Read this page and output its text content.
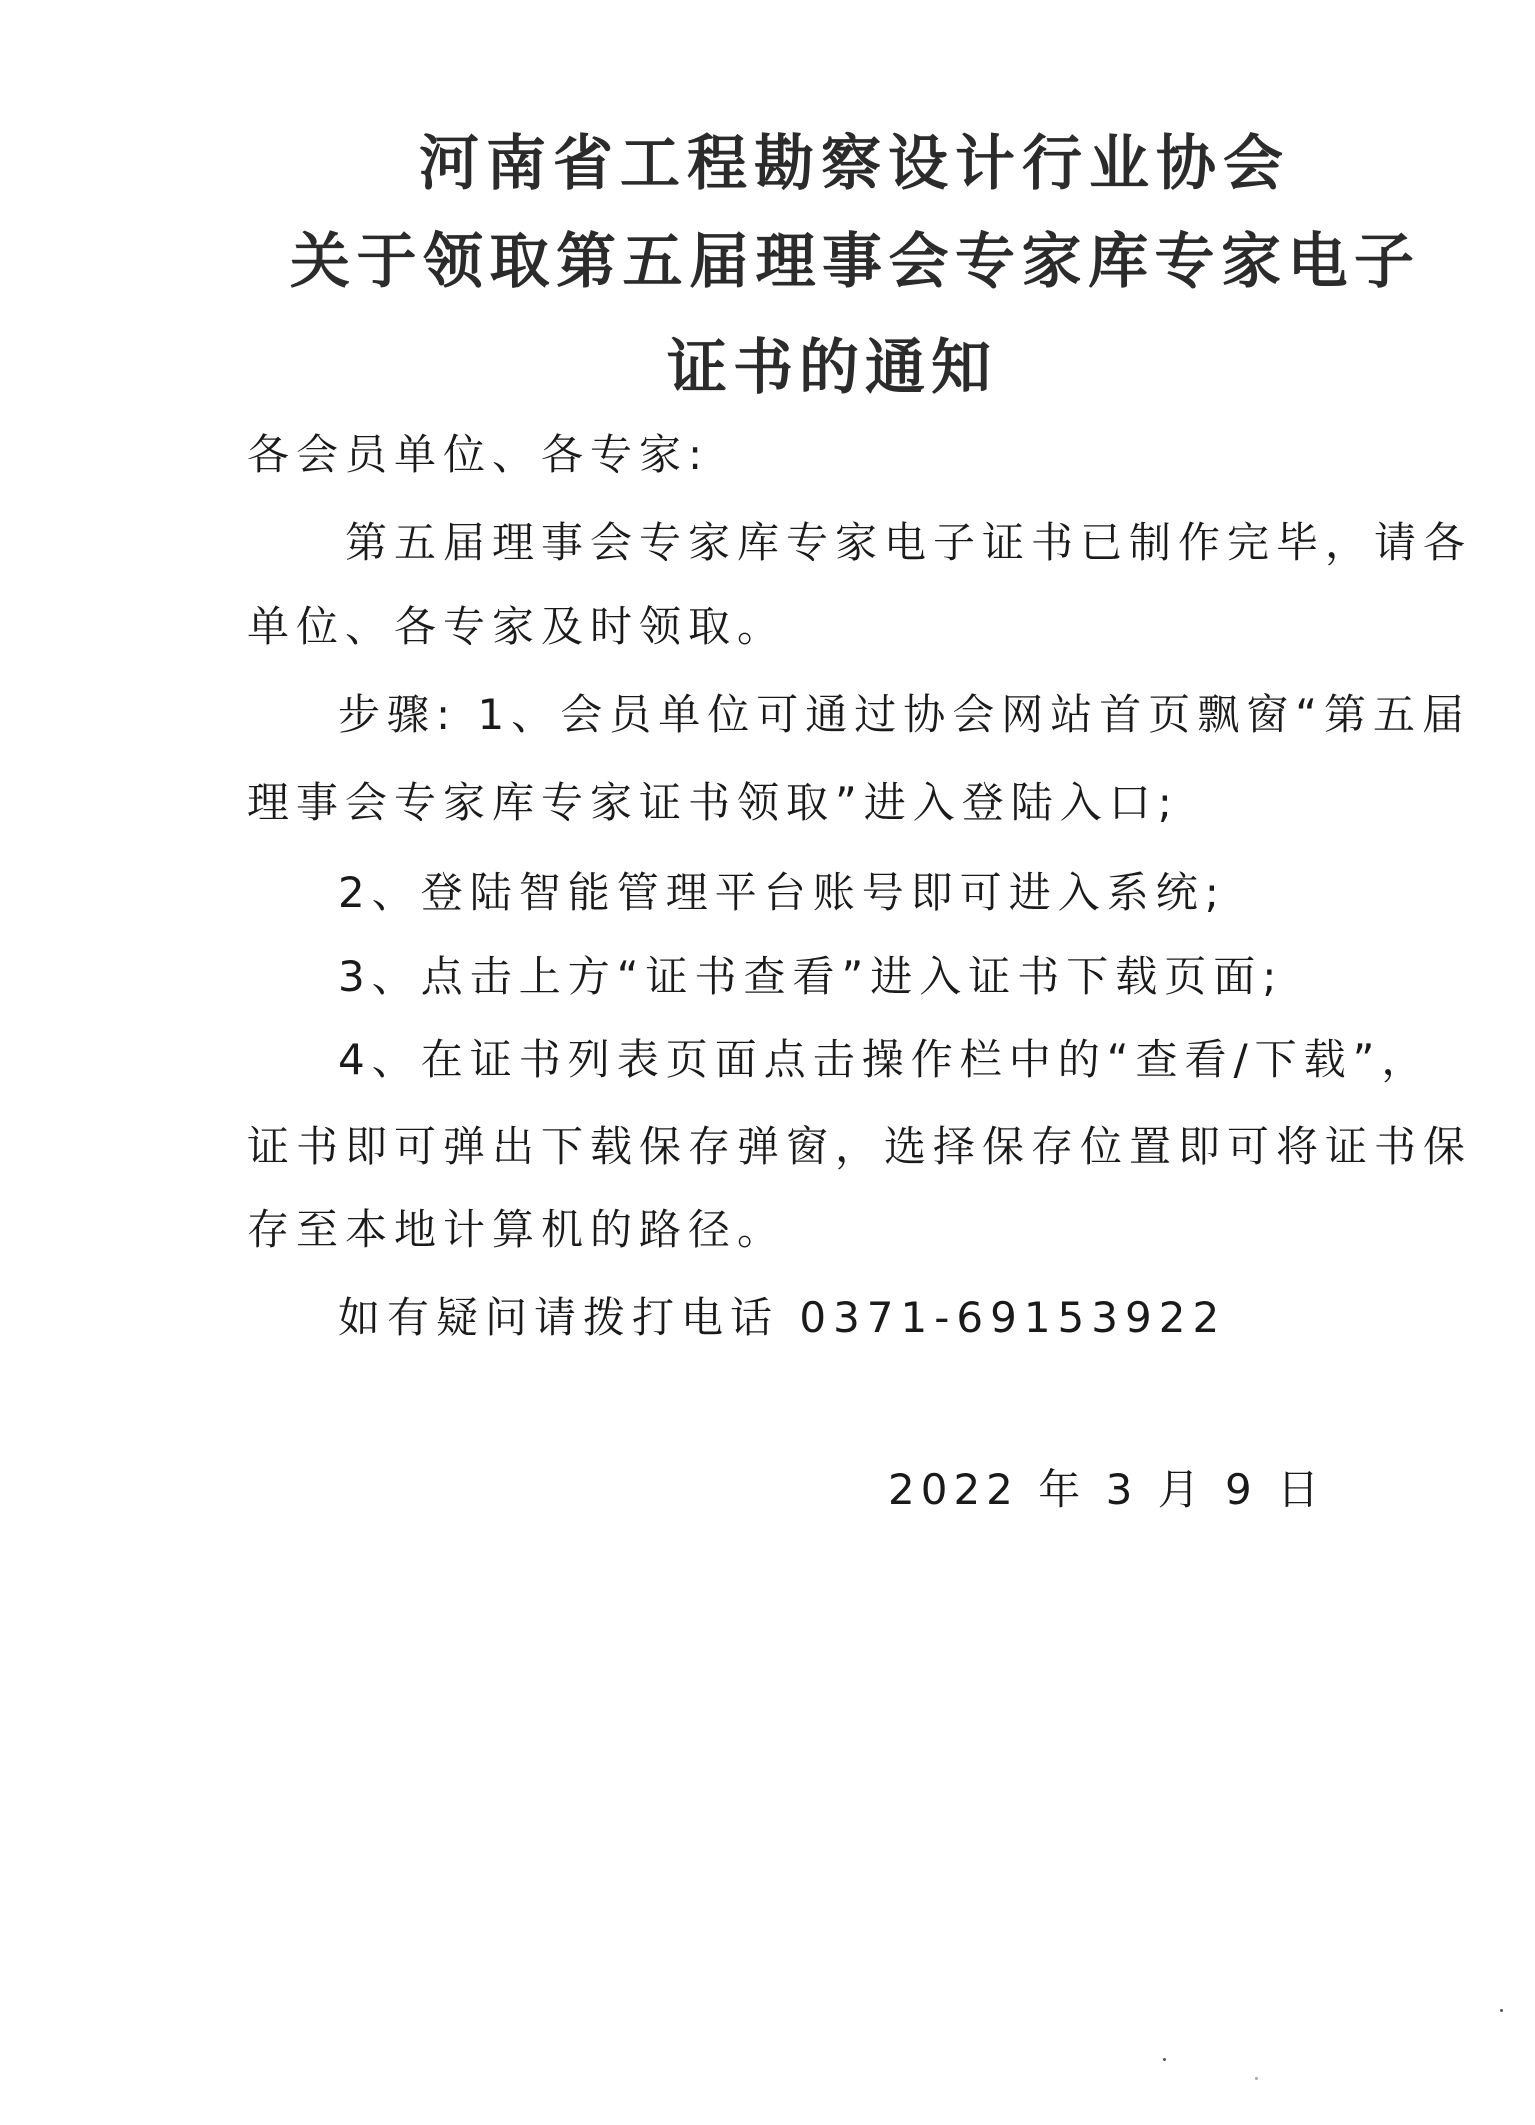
河南省工程勘察设计行业协会
关于领取第五届理事会专家库专家电子
证书的通知
各会员单位、各专家:
第五届理事会专家库专家电子证书已制作完毕，请各
单位、各专家及时领取。
步骤: 1、会员单位可通过协会网站首页飘窗“第五届
理事会专家库专家证书领取”进入登陆入口;
2、登陆智能管理平台账号即可进入系统;
3、点击上方“证书查看”进入证书下载页面;
4、在证书列表页面点击操作栏中的“查看/下载”，
证书即可弹出下载保存弹窗，选择保存位置即可将证书保
存至本地计算机的路径。
如有疑问请拨打电话 0371-69153922
2022 年 3 月 9 日
